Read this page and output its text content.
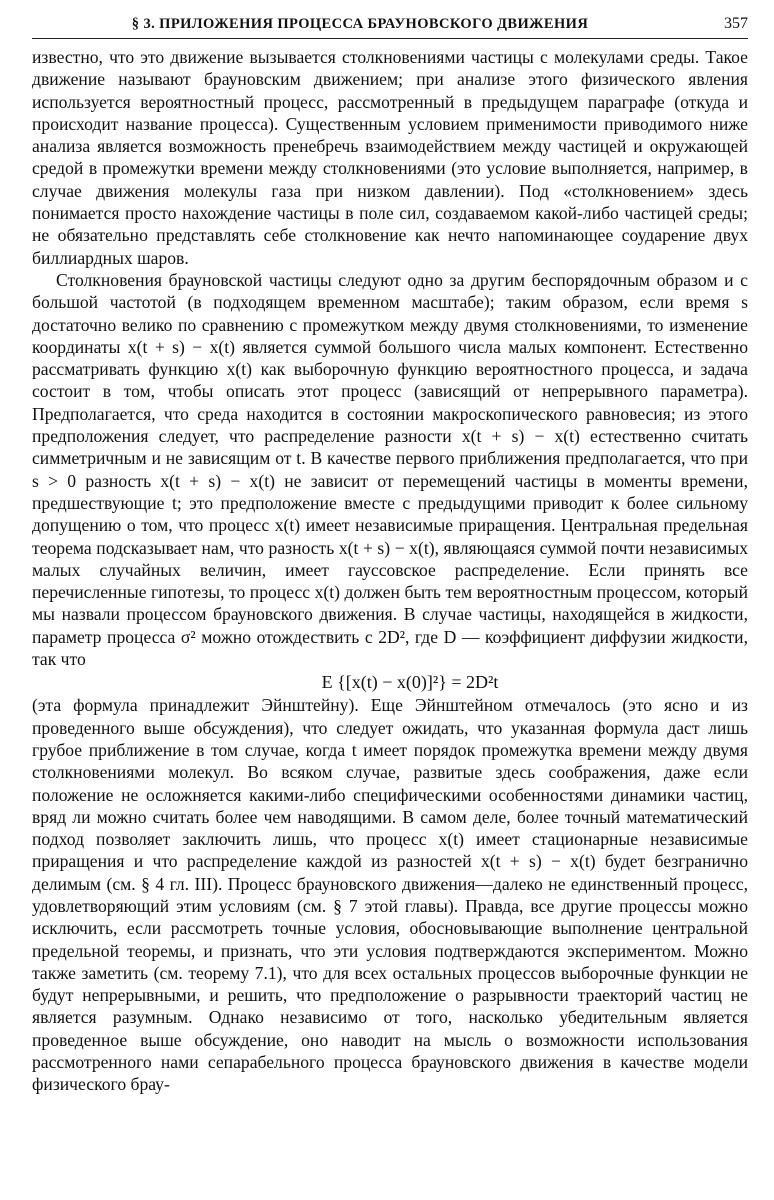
§ 3. ПРИЛОЖЕНИЯ ПРОЦЕССА БРАУНОВСКОГО ДВИЖЕНИЯ	357

известно, что это движение вызывается столкновениями частицы с молекулами среды. Такое движение называют брауновским движением; при анализе этого физического явления используется вероятностный процесс, рассмотренный в предыдущем параграфе (откуда и происходит название процесса). Существенным условием применимости приводимого ниже анализа является возможность пренебречь взаимодействием между частицей и окружающей средой в промежутки времени между столкновениями (это условие выполняется, например, в случае движения молекулы газа при низком давлении). Под «столкновением» здесь понимается просто нахождение частицы в поле сил, создаваемом какой-либо частицей среды; не обязательно представлять себе столкновение как нечто напоминающее соударение двух биллиардных шаров.

Столкновения брауновской частицы следуют одно за другим беспорядочным образом и с большой частотой (в подходящем временном масштабе); таким образом, если время s достаточно велико по сравнению с промежутком между двумя столкновениями, то изменение координаты x(t + s) − x(t) является суммой большого числа малых компонент. Естественно рассматривать функцию x(t) как выборочную функцию вероятностного процесса, и задача состоит в том, чтобы описать этот процесс (зависящий от непрерывного параметра). Предполагается, что среда находится в состоянии макроскопического равновесия; из этого предположения следует, что распределение разности x(t + s) − x(t) естественно считать симметричным и не зависящим от t. В качестве первого приближения предполагается, что при s > 0 разность x(t + s) − x(t) не зависит от перемещений частицы в моменты времени, предшествующие t; это предположение вместе с предыдущими приводит к более сильному допущению о том, что процесс x(t) имеет независимые приращения. Центральная предельная теорема подсказывает нам, что разность x(t + s) − x(t), являющаяся суммой почти независимых малых случайных величин, имеет гауссовское распределение. Если принять все перечисленные гипотезы, то процесс x(t) должен быть тем вероятностным процессом, который мы назвали процессом брауновского движения. В случае частицы, находящейся в жидкости, параметр процесса σ² можно отождествить с 2D², где D — коэффициент диффузии жидкости, так что

E {[x(t) − x(0)]²} = 2D²t

(эта формула принадлежит Эйнштейну). Еще Эйнштейном отмечалось (это ясно и из проведенного выше обсуждения), что следует ожидать, что указанная формула даст лишь грубое приближение в том случае, когда t имеет порядок промежутка времени между двумя столкновениями молекул. Во всяком случае, развитые здесь соображения, даже если положение не осложняется какими-либо специфическими особенностями динамики частиц, вряд ли можно считать более чем наводящими. В самом деле, более точный математический подход позволяет заключить лишь, что процесс x(t) имеет стационарные независимые приращения и что распределение каждой из разностей x(t + s) − x(t) будет безгранично делимым (см. § 4 гл. III). Процесс брауновского движения—далеко не единственный процесс, удовлетворяющий этим условиям (см. § 7 этой главы). Правда, все другие процессы можно исключить, если рассмотреть точные условия, обосновывающие выполнение центральной предельной теоремы, и признать, что эти условия подтверждаются экспериментом. Можно также заметить (см. теорему 7.1), что для всех остальных процессов выборочные функции не будут непрерывными, и решить, что предположение о разрывности траекторий частиц не является разумным. Однако независимо от того, насколько убедительным является проведенное выше обсуждение, оно наводит на мысль о возможности использования рассмотренного нами сепарабельного процесса брауновского движения в качестве модели физического брау-
